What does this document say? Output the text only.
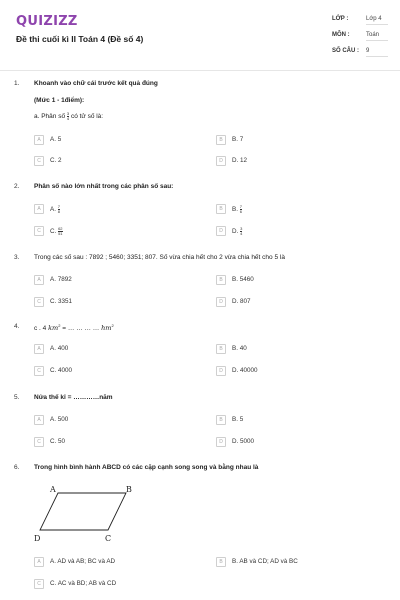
QUIZIZZ
Đề thi cuối kì II Toán 4 (Đề số 4)
LỚP :	Lớp 4
MÔN :	Toán
SỐ CÂU : 9
1. Khoanh vào chữ cái trước kết quả đúng
(Mức 1 - 1điểm):
a. Phân số $\frac{3}{4}$ có tử số là:
A	A. 5	B	B. 7
C	C. 2	D	D. 12
2. Phân số nào lớn nhất trong các phân số sau:
A	A. $\frac{7}{8}$	B	B. $\frac{7}{6}$
C	C. $\frac{62}{51}$	D	D. $\frac{3}{4}$
3. Trong các số sau : 7892 ; 5460; 3351; 807. Số vừa chia hết cho 2 vừa chia hết cho 5 là
A	A. 7892	B	B. 5460
C	C. 3351	D	D. 807
4. c . 4 $km^2$ = … … … … $hm^2$
A	A. 400	B	B. 40
C	C. 4000	D	D. 40000
5. Nửa thế kỉ = …………năm
A	A. 500	B	B. 5
C	C. 50	D	D. 5000
6. Trong hình bình hành ABCD có các cặp cạnh song song và bằng nhau là
A	B
C
D
A	A. AD và AB; BC và AD	B	B. AB và CD; AD và BC
C	C. AC và BD; AB và CD
